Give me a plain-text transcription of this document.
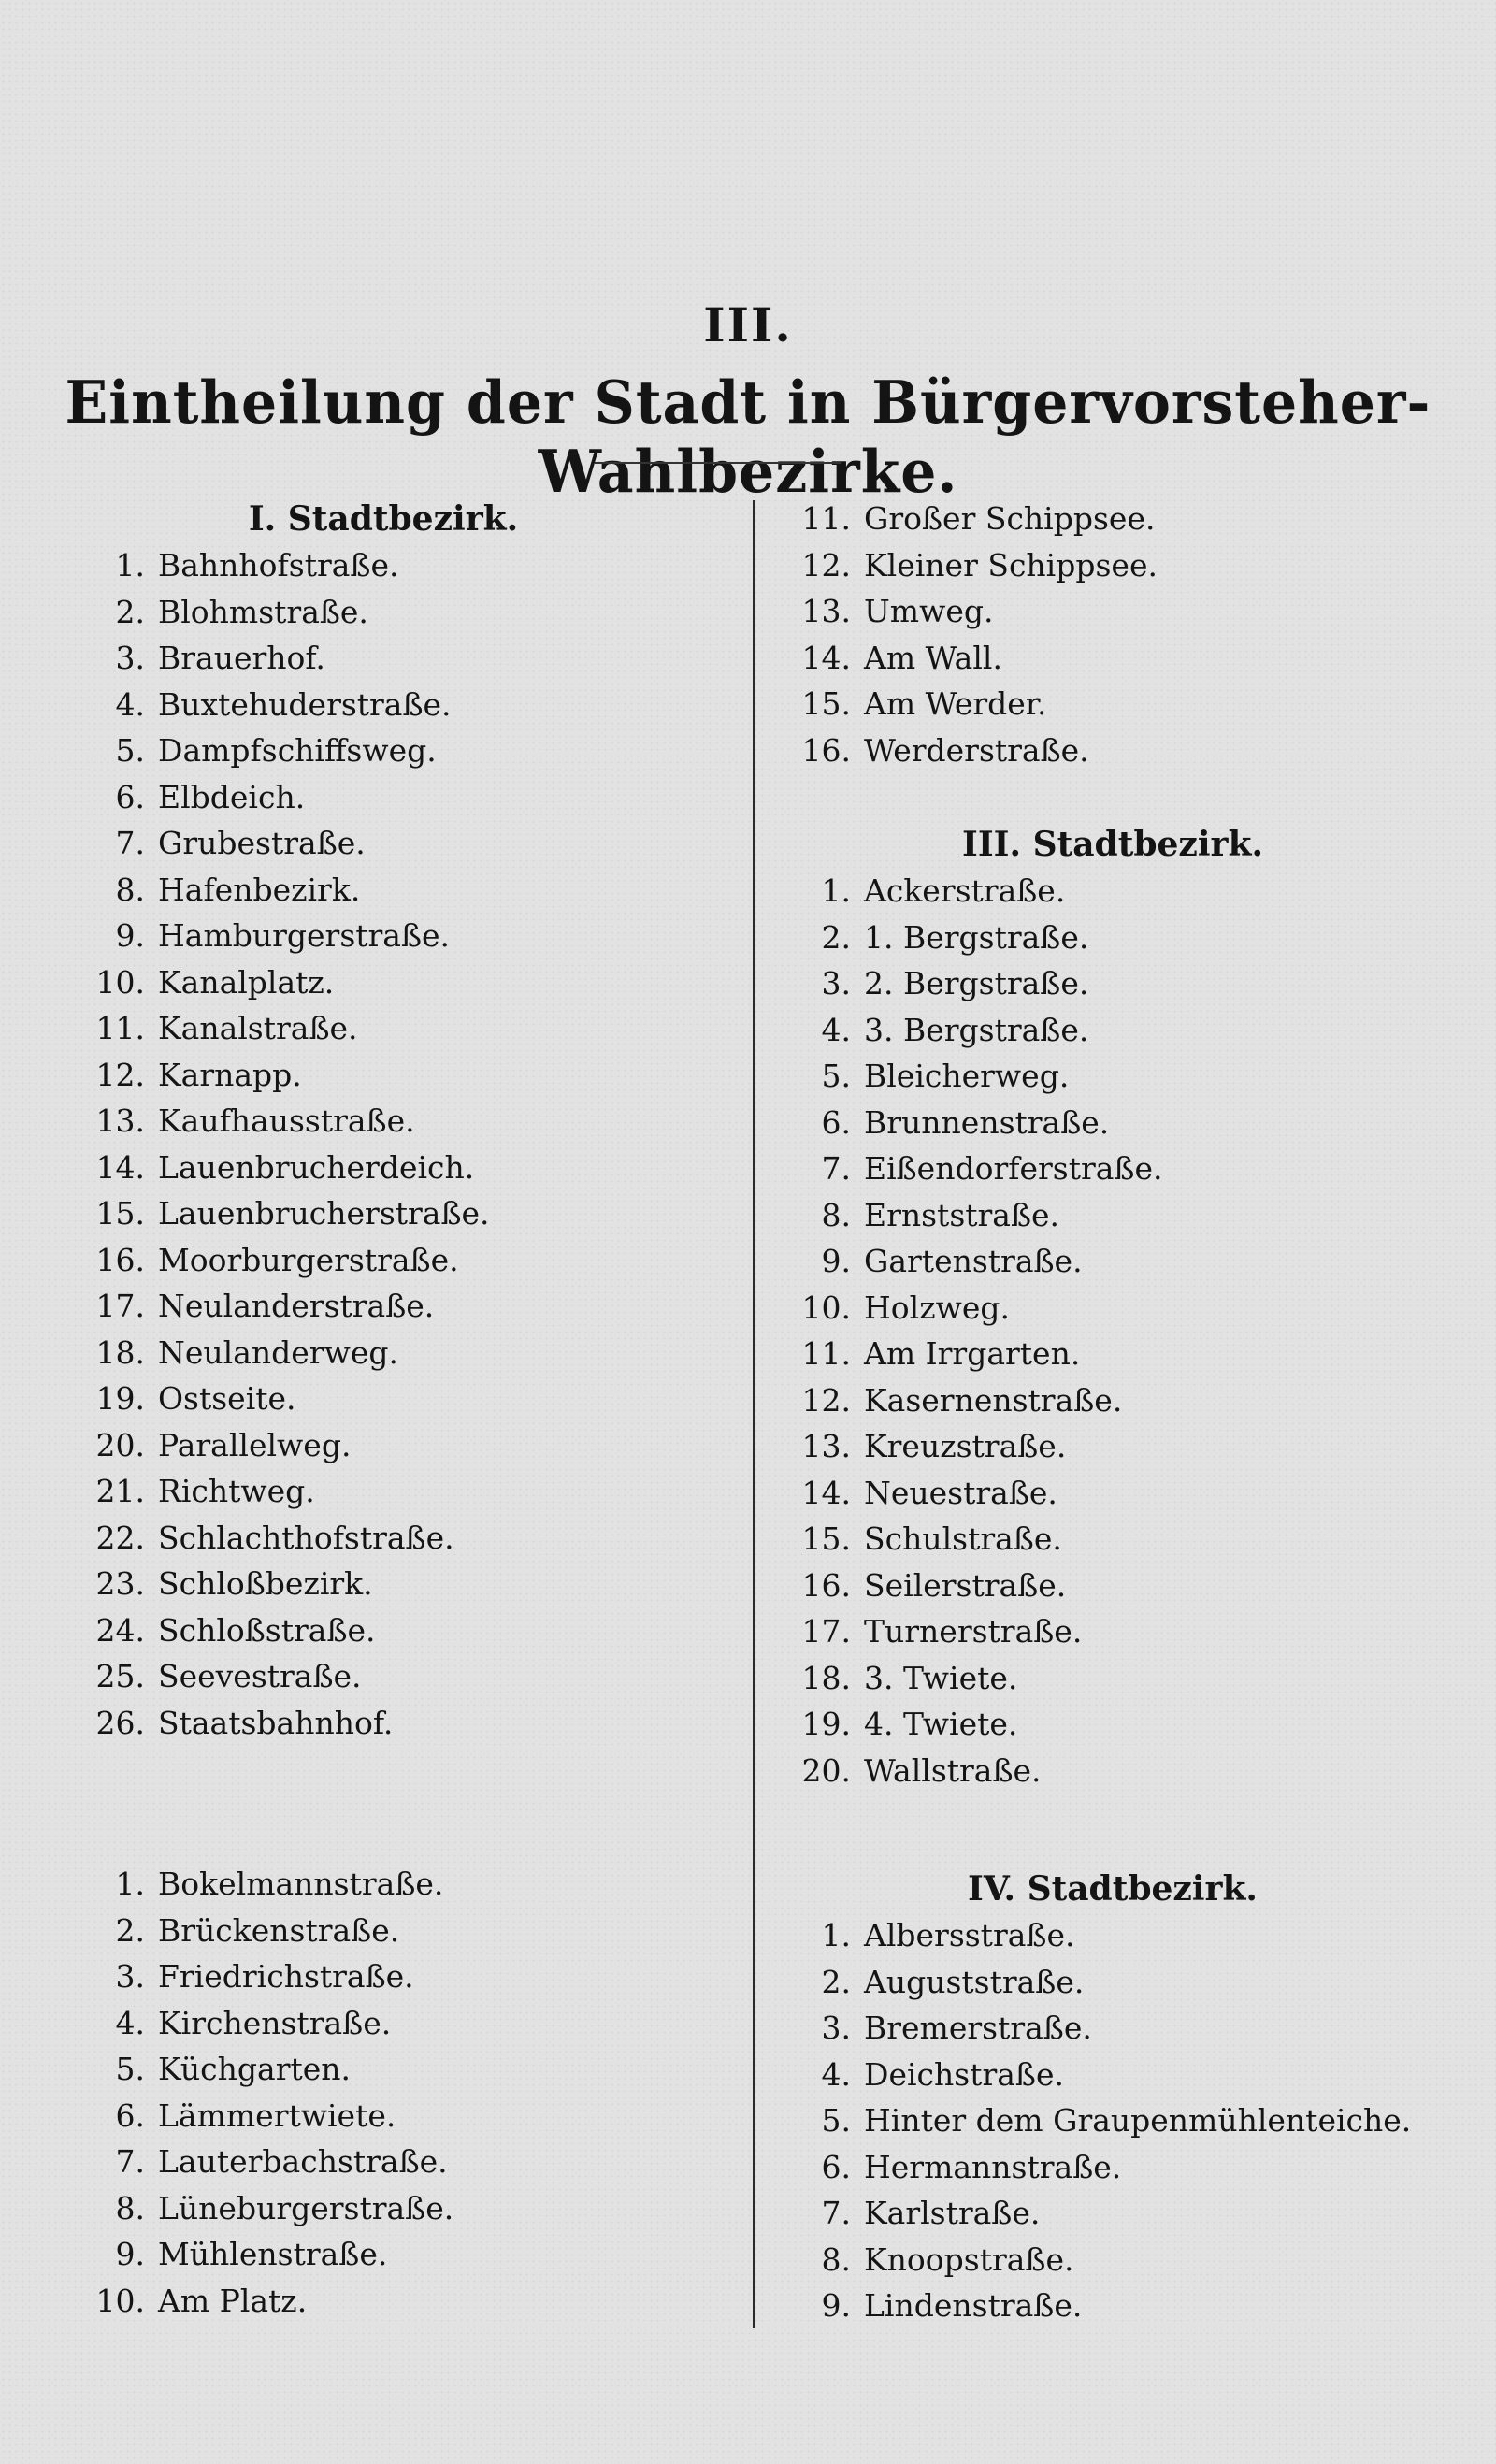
III.
Eintheilung der Stadt in Bürgervorsteher-Wahlbezirke.
I. Stadtbezirk.
1. Bahnhofstraße.
2. Blohmstraße.
3. Brauerhof.
4. Buxtehuderstraße.
5. Dampfschiffsweg.
6. Elbdeich.
7. Grubestraße.
8. Hafenbezirk.
9. Hamburgerstraße.
10. Kanalplatz.
11. Kanalstraße.
12. Karnapp.
13. Kaufhausstraße.
14. Lauenbrucherdeich.
15. Lauenbrucherstraße.
16. Moorburgerstraße.
17. Neulanderstraße.
18. Neulanderweg.
19. Ostseite.
20. Parallelweg.
21. Richtweg.
22. Schlachthofstraße.
23. Schloßbezirk.
24. Schloßstraße.
25. Seevestraße.
26. Staatsbahnhof.
1. Bokelmannstraße.
2. Brückenstraße.
3. Friedrichstraße.
4. Kirchenstraße.
5. Küchgarten.
6. Lämmertwiete.
7. Lauterbachstraße.
8. Lüneburgerstraße.
9. Mühlenstraße.
10. Am Platz.
11. Großer Schippsee.
12. Kleiner Schippsee.
13. Umweg.
14. Am Wall.
15. Am Werder.
16. Werderstraße.
III. Stadtbezirk.
1. Ackerstraße.
2. 1. Bergstraße.
3. 2. Bergstraße.
4. 3. Bergstraße.
5. Bleicherweg.
6. Brunnenstraße.
7. Eißendorferstraße.
8. Ernststraße.
9. Gartenstraße.
10. Holzweg.
11. Am Irrgarten.
12. Kasernenstraße.
13. Kreuzstraße.
14. Neuestraße.
15. Schulstraße.
16. Seilerstraße.
17. Turnerstraße.
18. 3. Twiete.
19. 4. Twiete.
20. Wallstraße.
IV. Stadtbezirk.
1. Albersstraße.
2. Auguststraße.
3. Bremerstraße.
4. Deichstraße.
5. Hinter dem Graupenmühlenteiche.
6. Hermannstraße.
7. Karlstraße.
8. Knoopstraße.
9. Lindenstraße.
